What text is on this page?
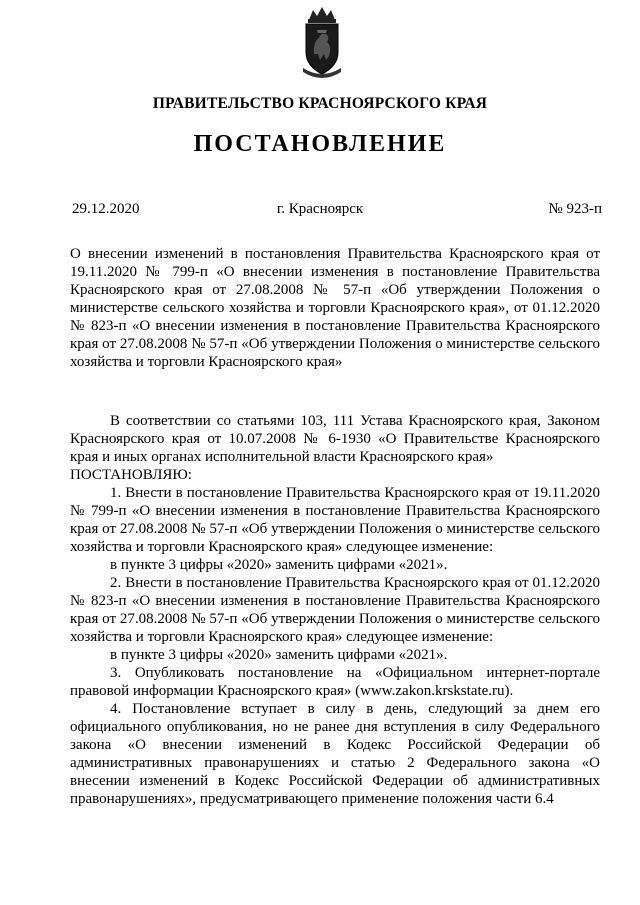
ПРАВИТЕЛЬСТВО КРАСНОЯРСКОГО КРАЯ
ПОСТАНОВЛЕНИЕ
29.12.2020	г. Красноярск	№ 923-п
О внесении изменений в постановления Правительства Красноярского края от 19.11.2020 № 799-п «О внесении изменения в постановление Правительства Красноярского края от 27.08.2008 № 57-п «Об утверждении Положения о министерстве сельского хозяйства и торговли Красноярского края», от 01.12.2020 № 823-п «О внесении изменения в постановление Правительства Красноярского края от 27.08.2008 № 57-п «Об утверждении Положения о министерстве сельского хозяйства и торговли Красноярского края»

В соответствии со статьями 103, 111 Устава Красноярского края, Законом Красноярского края от 10.07.2008 № 6-1930 «О Правительстве Красноярского края и иных органах исполнительной власти Красноярского края»

ПОСТАНОВЛЯЮ:

1. Внести в постановление Правительства Красноярского края от 19.11.2020 № 799-п «О внесении изменения в постановление Правительства Красноярского края от 27.08.2008 № 57-п «Об утверждении Положения о министерстве сельского хозяйства и торговли Красноярского края» следующее изменение:

в пункте 3 цифры «2020» заменить цифрами «2021».

2. Внести в постановление Правительства Красноярского края от 01.12.2020 № 823-п «О внесении изменения в постановление Правительства Красноярского края от 27.08.2008 № 57-п «Об утверждении Положения о министерстве сельского хозяйства и торговли Красноярского края» следующее изменение:

в пункте 3 цифры «2020» заменить цифрами «2021».

3. Опубликовать постановление на «Официальном интернет-портале правовой информации Красноярского края» (www.zakon.krskstate.ru).

4. Постановление вступает в силу в день, следующий за днем его официального опубликования, но не ранее дня вступления в силу Федерального закона «О внесении изменений в Кодекс Российской Федерации об административных правонарушениях и статью 2 Федерального закона «О внесении изменений в Кодекс Российской Федерации об административных правонарушениях», предусматривающего применение положения части 6.4
